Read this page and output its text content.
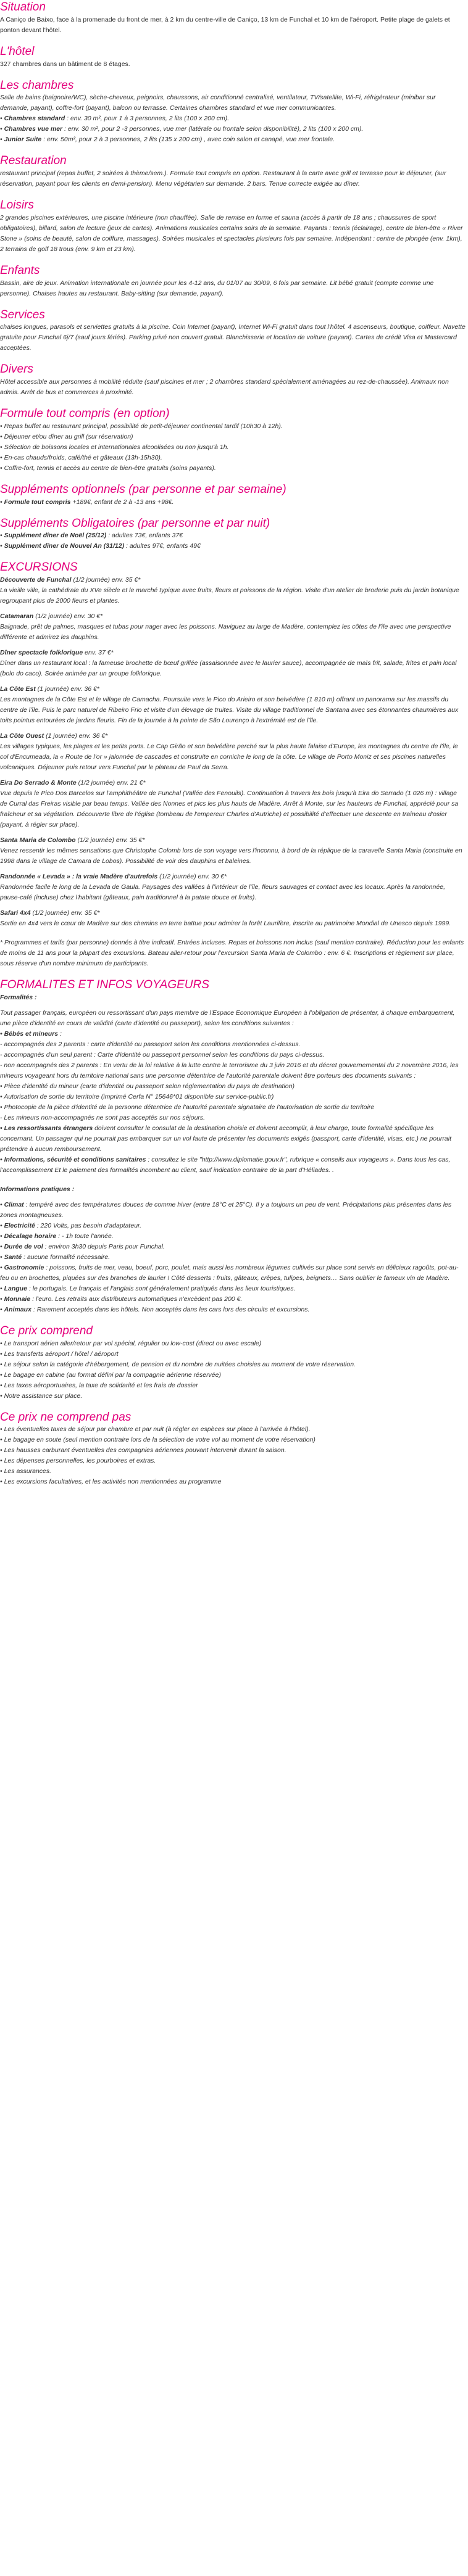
Situation

A Caniço de Baixo, face à la promenade du front de mer, à 2 km du centre-ville de Caniço, 13 km de Funchal et 10 km de l'aéroport. Petite plage de galets et ponton devant l'hôtel.

L'hôtel

327 chambres dans un bâtiment de 8 étages.

Les chambres

Salle de bains (baignoire/WC), sèche-cheveux, peignoirs, chaussons, air conditionné centralisé, ventilateur, TV/satellite, Wi-Fi, réfrigérateur (minibar sur demande, payant), coffre-fort (payant), balcon ou terrasse. Certaines chambres standard et vue mer communicantes.

• Chambres standard : env. 30 m², pour 1 à 3 personnes, 2 lits (100 x 200 cm).

• Chambres vue mer : env. 30 m², pour 2 -3 personnes, vue mer (latérale ou frontale selon disponibilité), 2 lits (100 x 200 cm).

• Junior Suite : env. 50m², pour 2 à 3 personnes, 2 lits (135 x 200 cm) , avec coin salon et canapé, vue mer frontale.

Restauration

restaurant principal (repas buffet, 2 soirées à thème/sem.). Formule tout compris en option. Restaurant à la carte avec grill et terrasse pour le déjeuner, (sur réservation, payant pour les clients en demi-pension). Menu végétarien sur demande. 2 bars. Tenue correcte exigée au dîner.

Loisirs

2 grandes piscines extérieures, une piscine intérieure (non chauffée). Salle de remise en forme et sauna (accès à partir de 18 ans ; chaussures de sport obligatoires), billard, salon de lecture (jeux de cartes). Animations musicales certains soirs de la semaine. Payants : tennis (éclairage), centre de bien-être « River Stone » (soins de beauté, salon de coiffure, massages). Soirées musicales et spectacles plusieurs fois par semaine. Indépendant : centre de plongée (env. 1km), 2 terrains de golf 18 trous (env. 9 km et 23 km).

Enfants

Bassin, aire de jeux. Animation internationale en journée pour les 4-12 ans, du 01/07 au 30/09, 6 fois par semaine. Lit bébé gratuit (compte comme une personne). Chaises hautes au restaurant. Baby-sitting (sur demande, payant).

Services

chaises longues, parasols et serviettes gratuits à la piscine. Coin Internet (payant), Internet Wi-Fi gratuit dans tout l'hôtel. 4 ascenseurs, boutique, coiffeur. Navette gratuite pour Funchal 6j/7 (sauf jours fériés). Parking privé non couvert gratuit. Blanchisserie et location de voiture (payant). Cartes de crédit Visa et Mastercard acceptées.

Divers

Hôtel accessible aux personnes à mobilité réduite (sauf piscines et mer ; 2 chambres standard spécialement aménagées au rez-de-chaussée). Animaux non admis. Arrêt de bus et commerces à proximité.

Formule tout compris (en option)
• Repas buffet au restaurant principal, possibilité de petit-déjeuner continental tardif (10h30 à 12h).
• Déjeuner et/ou dîner au grill (sur réservation)
• Sélection de boissons locales et internationales alcoolisées ou non jusqu'à 1h.
• En-cas chauds/froids, café/thé et gâteaux (13h-15h30).
• Coffre-fort, tennis et accès au centre de bien-être gratuits (soins payants).
Suppléments optionnels (par personne et par semaine)

• Formule tout compris +189€, enfant de 2 à -13 ans +98€.

Suppléments Obligatoires (par personne et par nuit)

• Supplément dîner de Noël (25/12) : adultes 73€, enfants 37€

• Supplément dîner de Nouvel An (31/12) : adultes 97€, enfants 49€

EXCURSIONS

Découverte de Funchal (1/2 journée) env. 35 €*

La vieille ville, la cathédrale du XVe siècle et le marché typique avec fruits, fleurs et poissons de la région. Visite d'un atelier de broderie puis du jardin botanique regroupant plus de 2000 fleurs et plantes.

Catamaran (1/2 journée) env. 30 €*

Baignade, prêt de palmes, masques et tubas pour nager avec les poissons. Naviguez au large de Madère, contemplez les côtes de l'île avec une perspective différente et admirez les dauphins.

Dîner spectacle folklorique env. 37 €*

Dîner dans un restaurant local : la fameuse brochette de bœuf grillée (assaisonnée avec le laurier sauce), accompagnée de maïs frit, salade, frites et pain local (bolo do caco). Soirée animée par un groupe folklorique.

La Côte Est (1 journée) env. 36 €*

Les montagnes de la Côte Est et le village de Camacha. Poursuite vers le Pico do Arieiro et son belvédère (1 810 m) offrant un panorama sur les massifs du centre de l'île. Puis le parc naturel de Ribeiro Frio et visite d'un élevage de truites. Visite du village traditionnel de Santana avec ses étonnantes chaumières aux toits pointus entourées de jardins fleuris. Fin de la journée à la pointe de São Lourenço à l'extrémité est de l'île.

La Côte Ouest (1 journée) env. 36 €*

Les villages typiques, les plages et les petits ports. Le Cap Girão et son belvédère perché sur la plus haute falaise d'Europe, les montagnes du centre de l'île, le col d'Encumeada, la « Route de l'or » jalonnée de cascades et construite en corniche le long de la côte. Le village de Porto Moniz et ses piscines naturelles volcaniques. Déjeuner puis retour vers Funchal par le plateau de Paul da Serra.

Eira Do Serrado & Monte (1/2 journée) env. 21 €*

Vue depuis le Pico Dos Barcelos sur l'amphithéâtre de Funchal (Vallée des Fenouils). Continuation à travers les bois jusqu'à Eira do Serrado (1 026 m) : village de Curral das Freiras visible par beau temps. Vallée des Nonnes et pics les plus hauts de Madère. Arrêt à Monte, sur les hauteurs de Funchal, apprécié pour sa fraîcheur et sa végétation. Découverte libre de l'église (tombeau de l'empereur Charles d'Autriche) et possibilité d'effectuer une descente en traîneau d'osier (payant, à régler sur place).

Santa Maria de Colombo (1/2 journée) env. 35 €*

Venez ressentir les mêmes sensations que Christophe Colomb lors de son voyage vers l'inconnu, à bord de la réplique de la caravelle Santa Maria (construite en 1998 dans le village de Camara de Lobos). Possibilité de voir des dauphins et baleines.

Randonnée « Levada » : la vraie Madère d'autrefois (1/2 journée) env. 30 €*

Randonnée facile le long de la Levada de Gaula. Paysages des vallées à l'intérieur de l'île, fleurs sauvages et contact avec les locaux. Après la randonnée, pause-café (incluse) chez l'habitant (gâteaux, pain traditionnel à la patate douce et fruits).

Safari 4x4 (1/2 journée) env. 35 €*

Sortie en 4x4 vers le cœur de Madère sur des chemins en terre battue pour admirer la forêt Laurifère, inscrite au patrimoine Mondial de Unesco depuis 1999.

* Programmes et tarifs (par personne) donnés à titre indicatif. Entrées incluses. Repas et boissons non inclus (sauf mention contraire). Réduction pour les enfants de moins de 11 ans pour la plupart des excursions. Bateau aller-retour pour l'excursion Santa Maria de Colombo : env. 6 €. Inscriptions et règlement sur place, sous réserve d'un nombre minimum de participants.

FORMALITES ET INFOS VOYAGEURS

Formalités :

Tout passager français, européen ou ressortissant d'un pays membre de l'Espace Economique Européen à l'obligation de présenter, à chaque embarquement, une pièce d'identité en cours de validité (carte d'identité ou passeport), selon les conditions suivantes :

• Bébés et mineurs :

- accompagnés des 2 parents : carte d'identité ou passeport selon les conditions mentionnées ci-dessus.

- accompagnés d'un seul parent : Carte d'identité ou passeport personnel selon les conditions du pays ci-dessus.

- non accompagnés des 2 parents : En vertu de la loi relative à la lutte contre le terrorisme du 3 juin 2016 et du décret gouvernemental du 2 novembre 2016, les mineurs voyageant hors du territoire national sans une personne détentrice de l'autorité parentale doivent être porteurs des documents suivants :

• Pièce d'identité du mineur (carte d'identité ou passeport selon réglementation du pays de destination)

• Autorisation de sortie du territoire (imprimé Cerfa N° 15646*01 disponible sur service-public.fr)

• Photocopie de la pièce d'identité de la personne détentrice de l'autorité parentale signataire de l'autorisation de sortie du territoire

- Les mineurs non-accompagnés ne sont pas acceptés sur nos séjours.

• Les ressortissants étrangers doivent consulter le consulat de la destination choisie et doivent accomplir, à leur charge, toute formalité spécifique les concernant. Un passager qui ne pourrait pas embarquer sur un vol faute de présenter les documents exigés (passport, carte d'identité, visas, etc.) ne pourrait prétendre à aucun remboursement.

• Informations, sécurité et conditions sanitaires : consultez le site "http://www.diplomatie.gouv.fr", rubrique « conseils aux voyageurs ». Dans tous les cas, l'accomplissement Et le paiement des formalités incombent au client, sauf indication contraire de la part d'Héliades. .

Informations pratiques :

• Climat : tempéré avec des températures douces de comme hiver (entre 18°C et 25°C). Il y a toujours un peu de vent. Précipitations plus présentes dans les zones montagneuses.

• Electricité : 220 Volts, pas besoin d'adaptateur.

• Décalage horaire : - 1h toute l'année.

• Durée de vol : environ 3h30 depuis Paris pour Funchal.

• Santé : aucune formalité nécessaire.

• Gastronomie : poissons, fruits de mer, veau, boeuf, porc, poulet, mais aussi les nombreux légumes cultivés sur place sont servis en délicieux ragoûts, pot-au-feu ou en brochettes, piquées sur des branches de laurier ! Côté desserts : fruits, gâteaux, crêpes, tulipes, beignets… Sans oublier le fameux vin de Madère.

• Langue : le portugais. Le français et l'anglais sont généralement pratiqués dans les lieux touristiques.

• Monnaie : l'euro. Les retraits aux distributeurs automatiques n'excèdent pas 200 €.

• Animaux : Rarement acceptés dans les hôtels. Non acceptés dans les cars lors des circuits et excursions.

Ce prix comprend
• Le transport aérien aller/retour par vol spécial, régulier ou low-cost (direct ou avec escale)
• Les transferts aéroport / hôtel / aéroport
• Le séjour selon la catégorie d'hébergement, de pension et du nombre de nuitées choisies au moment de votre réservation.
• Le bagage en cabine (au format défini par la compagnie aérienne réservée)
• Les taxes aéroportuaires, la taxe de solidarité et les frais de dossier
• Notre assistance sur place.
Ce prix ne comprend pas
• Les éventuelles taxes de séjour par chambre et par nuit (à régler en espèces sur place à l'arrivée à l'hôtel).
• Le bagage en soute (seul mention contraire lors de la sélection de votre vol au moment de votre réservation)
• Les hausses carburant éventuelles des compagnies aériennes pouvant intervenir durant la saison.
• Les dépenses personnelles, les pourboires et extras.
• Les assurances.
• Les excursions facultatives, et les activités non mentionnées au programme
